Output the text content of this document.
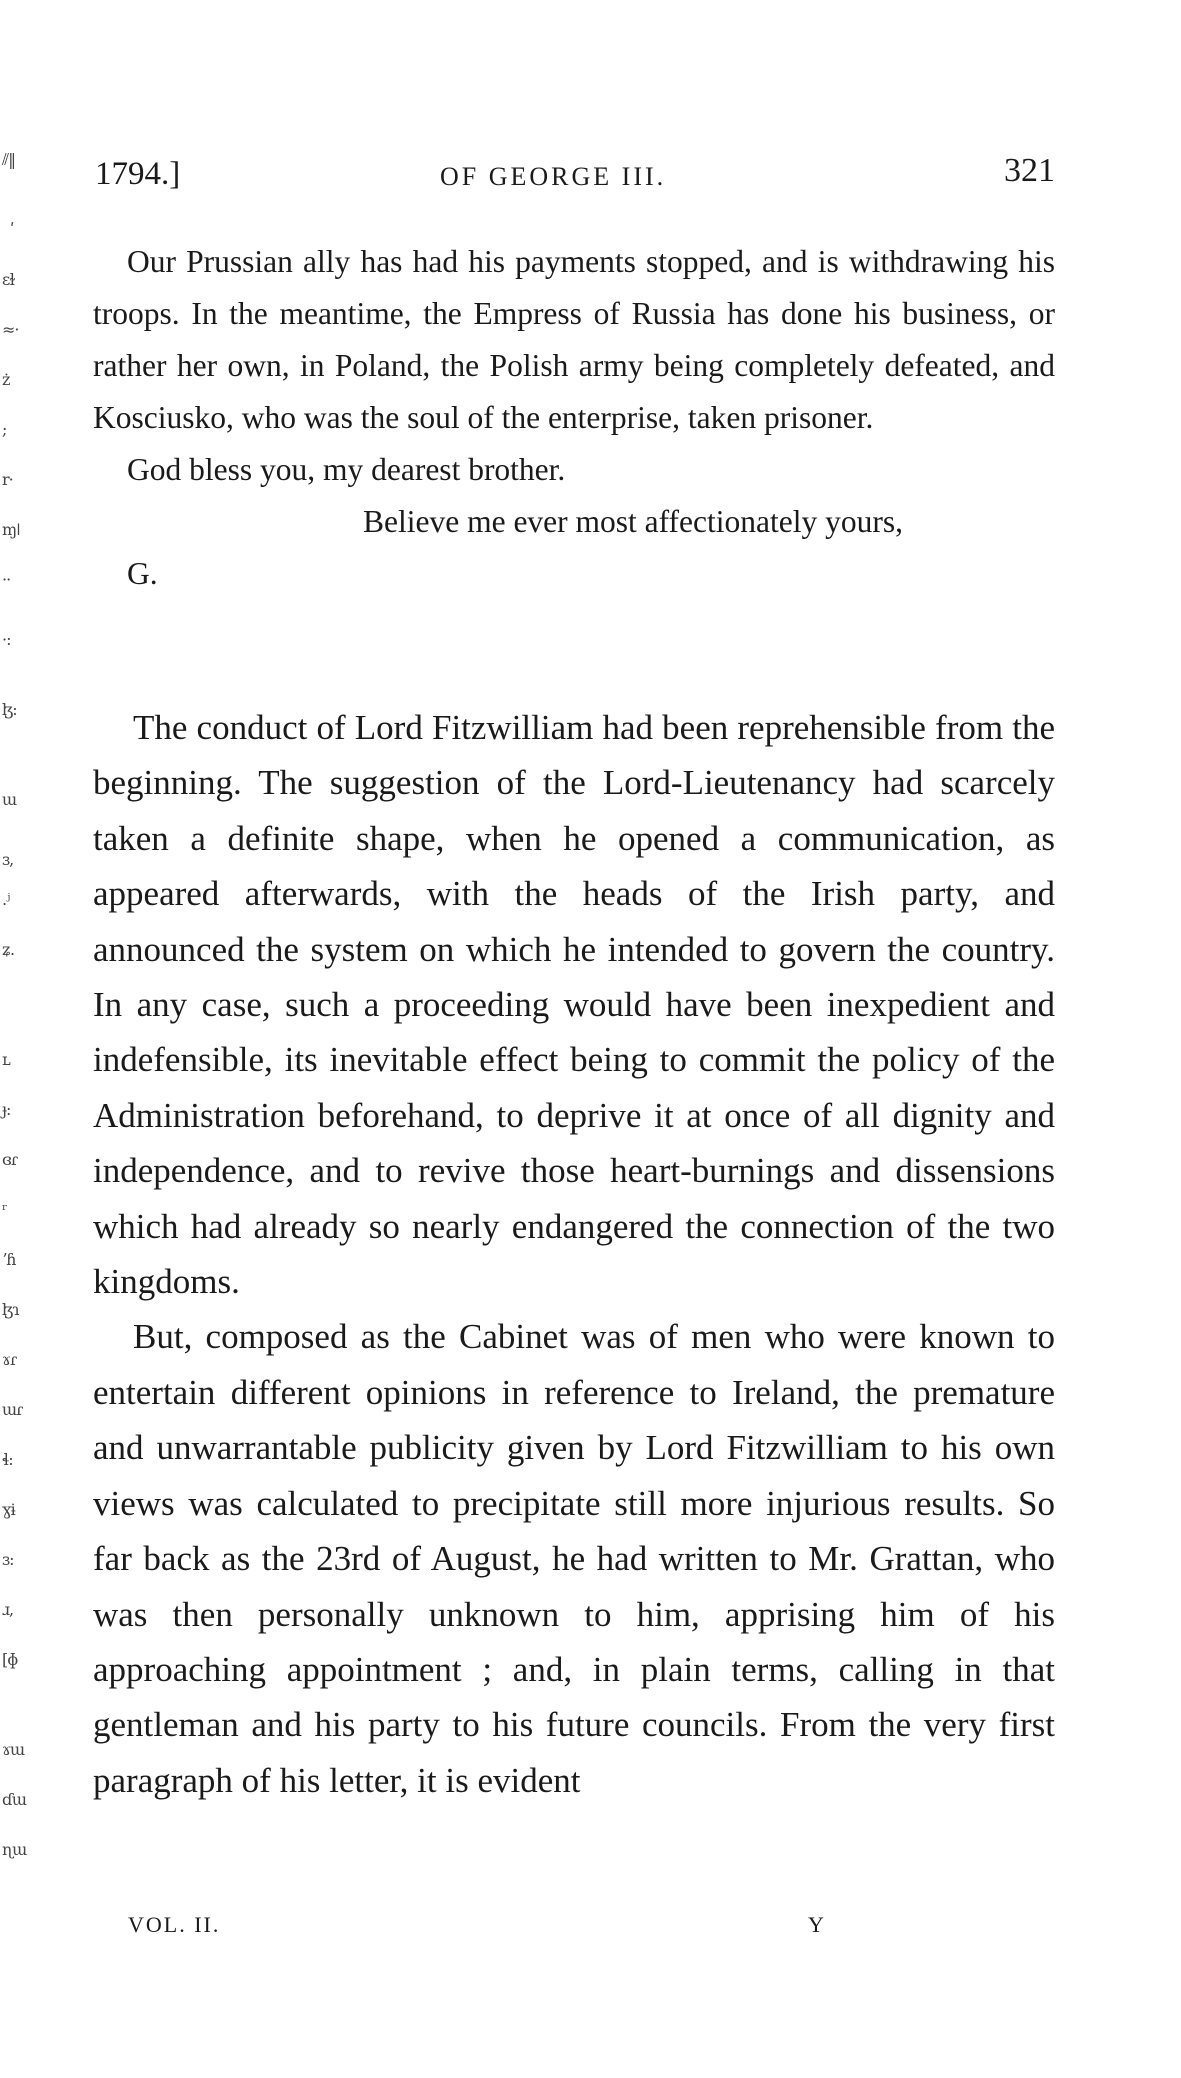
⫽‖
ʹ
ɛɫ
≈·
ż
;
r·
ɱǀ
··
·:
ɮ:
ɯ
ɜ,
.ʲ
ʑ.
ʟ
ɟ:
ɞɾ
ʳ
ʼɦ
ɮɿ
ɤɾ
ɯɾ
ɬ:
ɣɨ
ɜ:
ɹ,
[ɸ
ɤɯ
ɗɯ
ɳɯ
1794.]	OF GEORGE III.	321

Our Prussian ally has had his payments stopped, and is withdrawing his troops. In the meantime, the Empress of Russia has done his business, or rather her own, in Poland, the Polish army being completely defeated, and Kosciusko, who was the soul of the enterprise, taken prisoner.

God bless you, my dearest brother.

Believe me ever most affectionately yours,

G.

The conduct of Lord Fitzwilliam had been reprehensible from the beginning. The suggestion of the Lord-Lieutenancy had scarcely taken a definite shape, when he opened a communication, as appeared afterwards, with the heads of the Irish party, and announced the system on which he intended to govern the country. In any case, such a proceeding would have been inexpedient and indefensible, its inevitable effect being to commit the policy of the Administration beforehand, to deprive it at once of all dignity and independence, and to revive those heart-burnings and dissensions which had already so nearly endangered the connection of the two kingdoms.

But, composed as the Cabinet was of men who were known to entertain different opinions in reference to Ireland, the premature and unwarrantable publicity given by Lord Fitzwilliam to his own views was calculated to precipitate still more injurious results. So far back as the 23rd of August, he had written to Mr. Grattan, who was then personally unknown to him, apprising him of his approaching appointment ; and, in plain terms, calling in that gentleman and his party to his future councils. From the very first paragraph of his letter, it is evident

VOL. II.	Y
